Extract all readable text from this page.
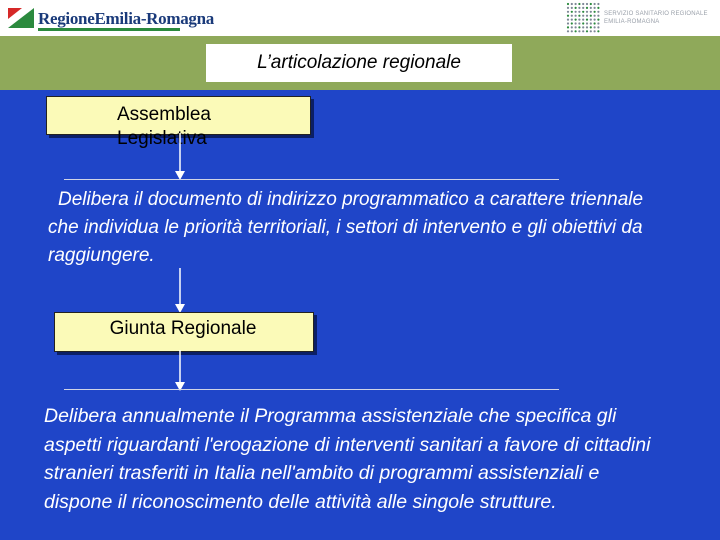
RegioneEmilia-Romagna	SERVIZIO SANITARIO REGIONALE
EMILIA-ROMAGNA
L’articolazione regionale
Assemblea
Legislativa

Delibera il documento di indirizzo programmatico a carattere triennale che individua le priorità territoriali, i settori di intervento e gli obiettivi da raggiungere.

Giunta Regionale

Delibera annualmente il Programma assistenziale che specifica gli aspetti riguardanti l'erogazione di interventi sanitari a favore di cittadini stranieri trasferiti in Italia nell'ambito di programmi assistenziali e dispone il riconoscimento delle attività alle singole strutture.
